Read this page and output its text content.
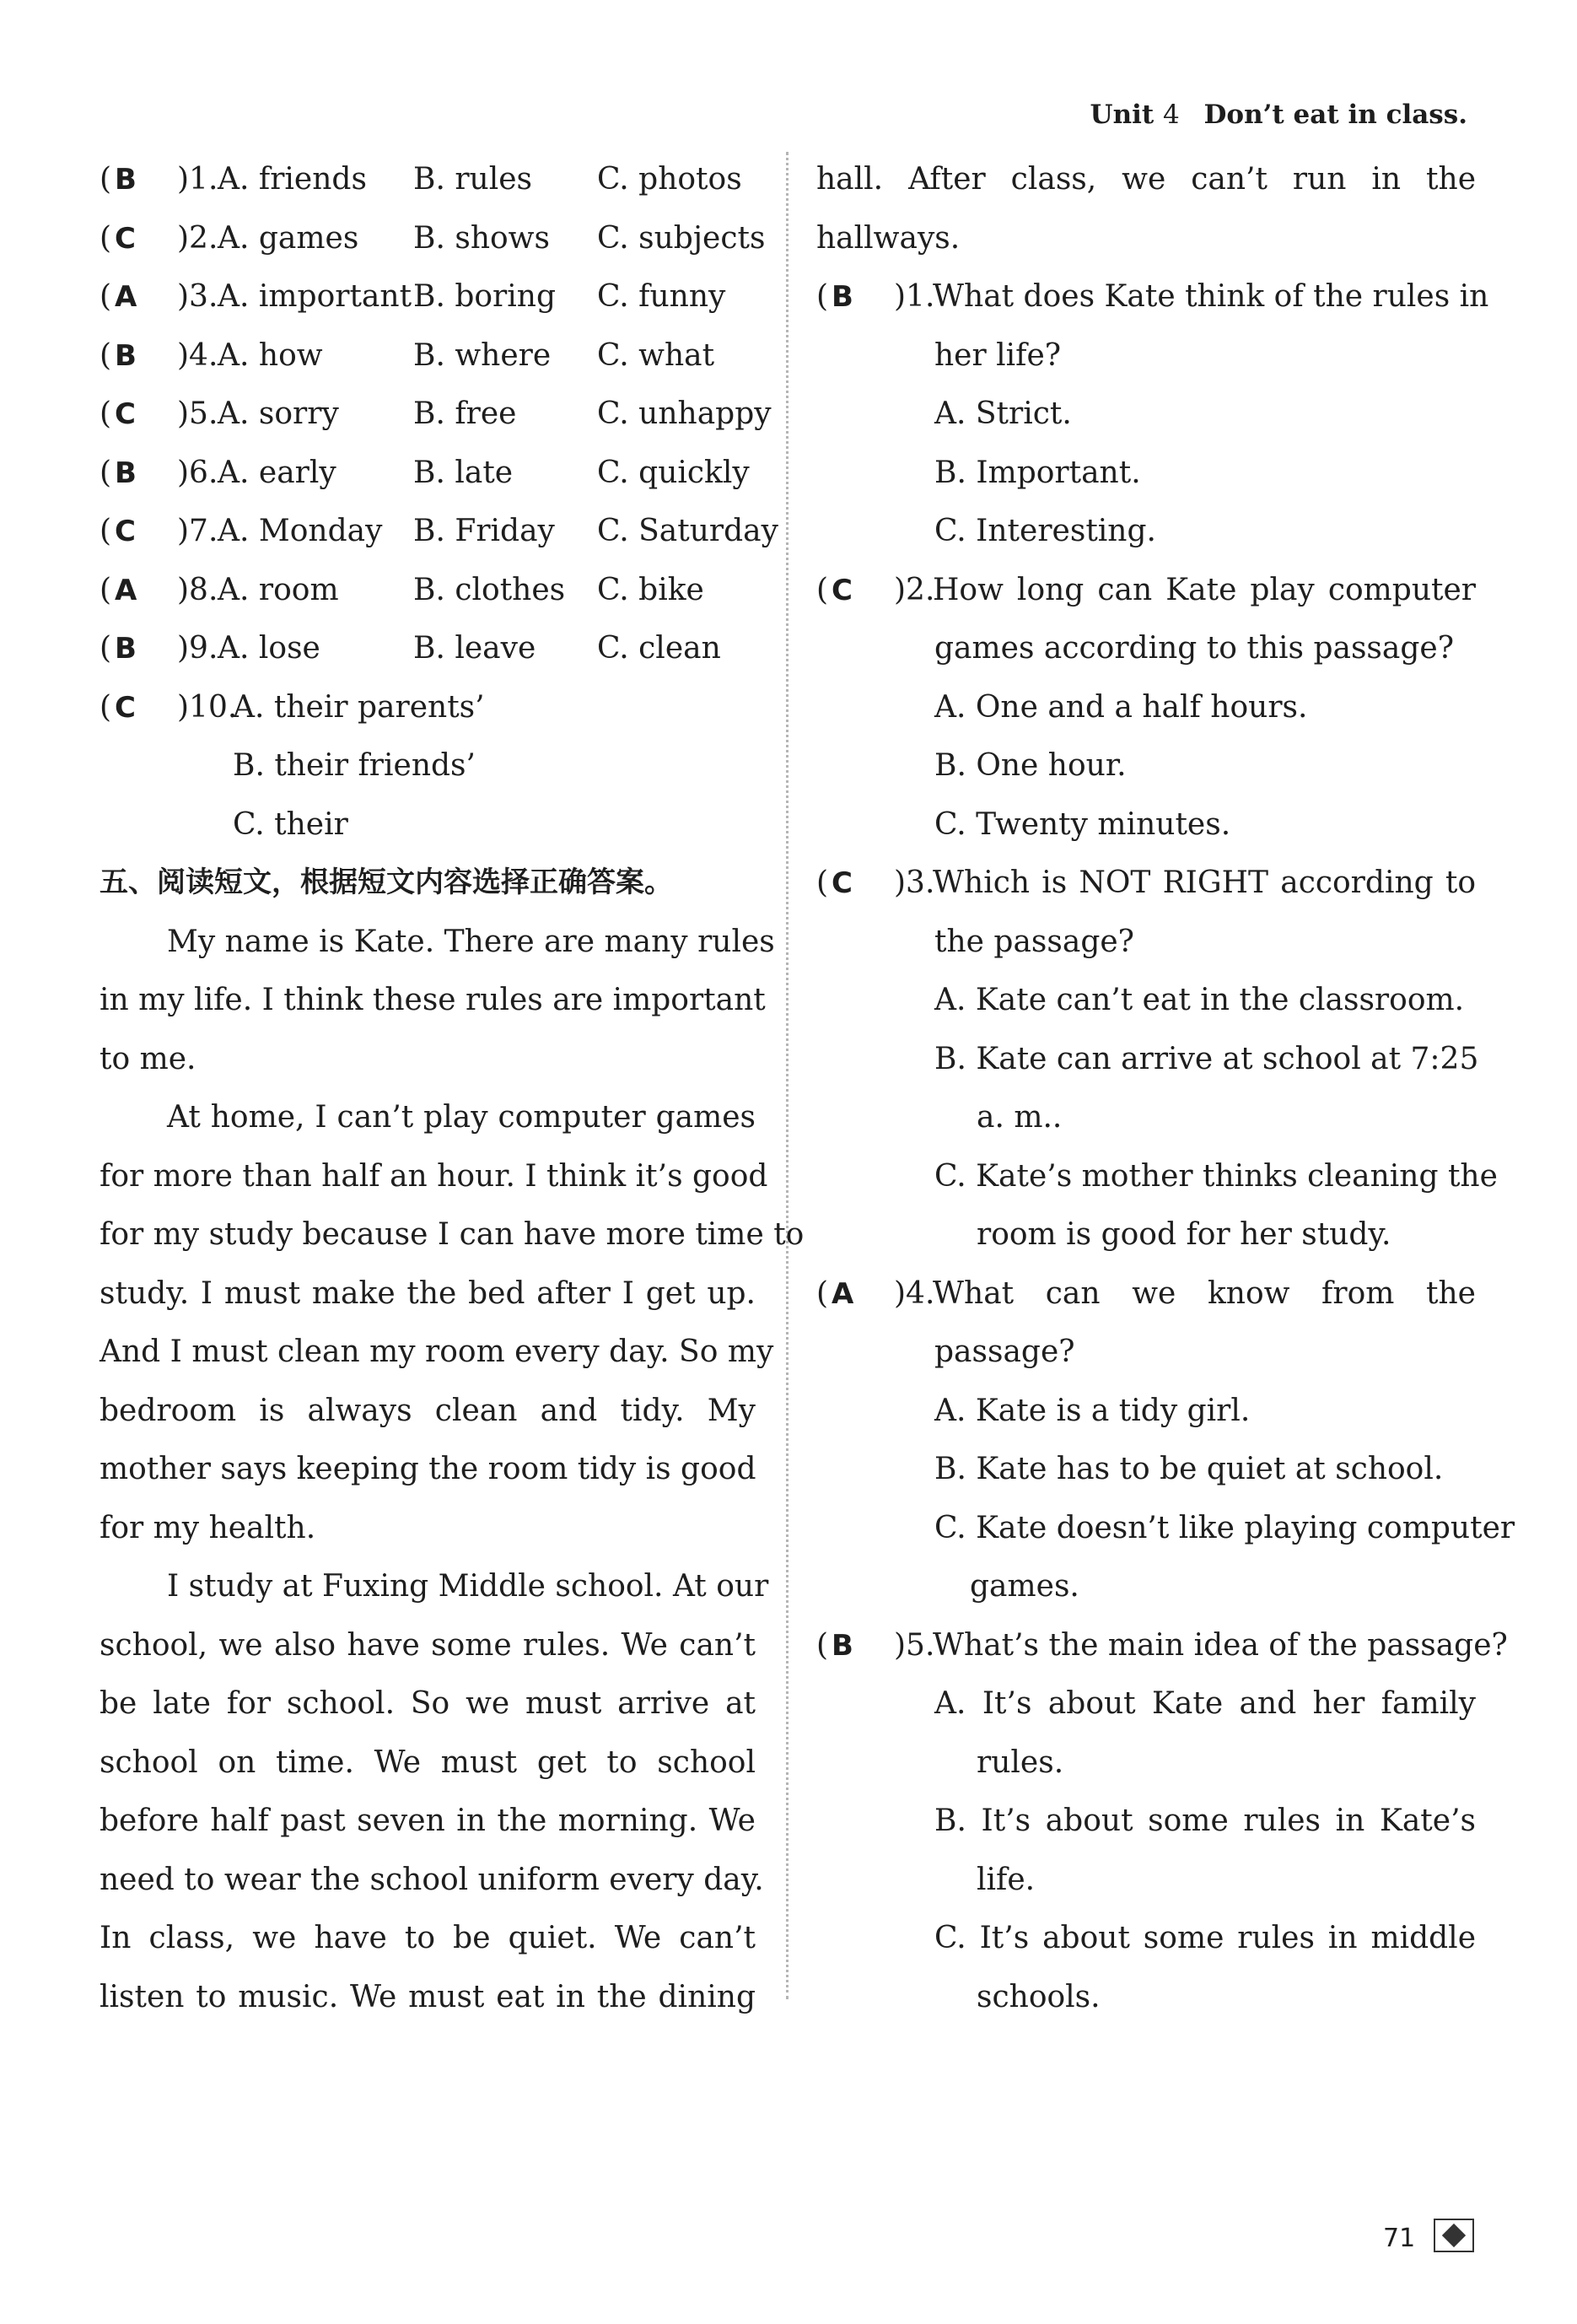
Unit 4 Don’t eat in class.
( B )1. A. friends B. rules C. photos
( C )2. A. games B. shows C. subjects
( A )3. A. important B. boring C. funny
( B )4. A. how	B. where C. what
( C )5. A. sorry B. free	C. unhappy
( B )6. A. early	B. late	C. quickly
( C )7. A. Monday B. Friday C. Saturday
( A )8. A. room B. clothes C. bike
( B )9. A. lose	B. leave C. clean
( C )10.
A. their parents’
B. their friends’
C. their
五、阅读短文，根据短文内容选择正确答案。
My name is Kate. There are many rules
in my life. I think these rules are important
to me.
At home, I can’t play computer games
for more than half an hour. I think it’s good
for my study because I can have more time to
study. I must make the bed after I get up.
And I must clean my room every day. So my
bedroom is always clean and tidy. My
mother says keeping the room tidy is good
for my health.
I study at Fuxing Middle school. At our
school, we also have some rules. We can’t
be late for school. So we must arrive at
school on time. We must get to school
before half past seven in the morning. We
need to wear the school uniform every day.
In class, we have to be quiet. We can’t
listen to music. We must eat in the dining
hall. After class, we can’t run in the
hallways.
( B )1.
What does Kate think of the rules in
her life?
A. Strict.
B. Important.
C. Interesting.
( C )2.
How long can Kate play computer
games according to this passage?
A. One and a half hours.
B. One hour.
C. Twenty minutes.
( C )3.
Which is NOT RIGHT according to
the passage?
A. Kate can’t eat in the classroom.
B. Kate can arrive at school at 7:25
a. m..
C. Kate’s mother thinks cleaning the
room is good for her study.
( A )4.
What can we know from the
passage?
A. Kate is a tidy girl.
B. Kate has to be quiet at school.
C. Kate doesn’t like playing computer
games.
( B )5.
What’s the main idea of the passage?
A. It’s about Kate and her family
rules.
B. It’s about some rules in Kate’s
life.
C. It’s about some rules in middle
schools.
71
